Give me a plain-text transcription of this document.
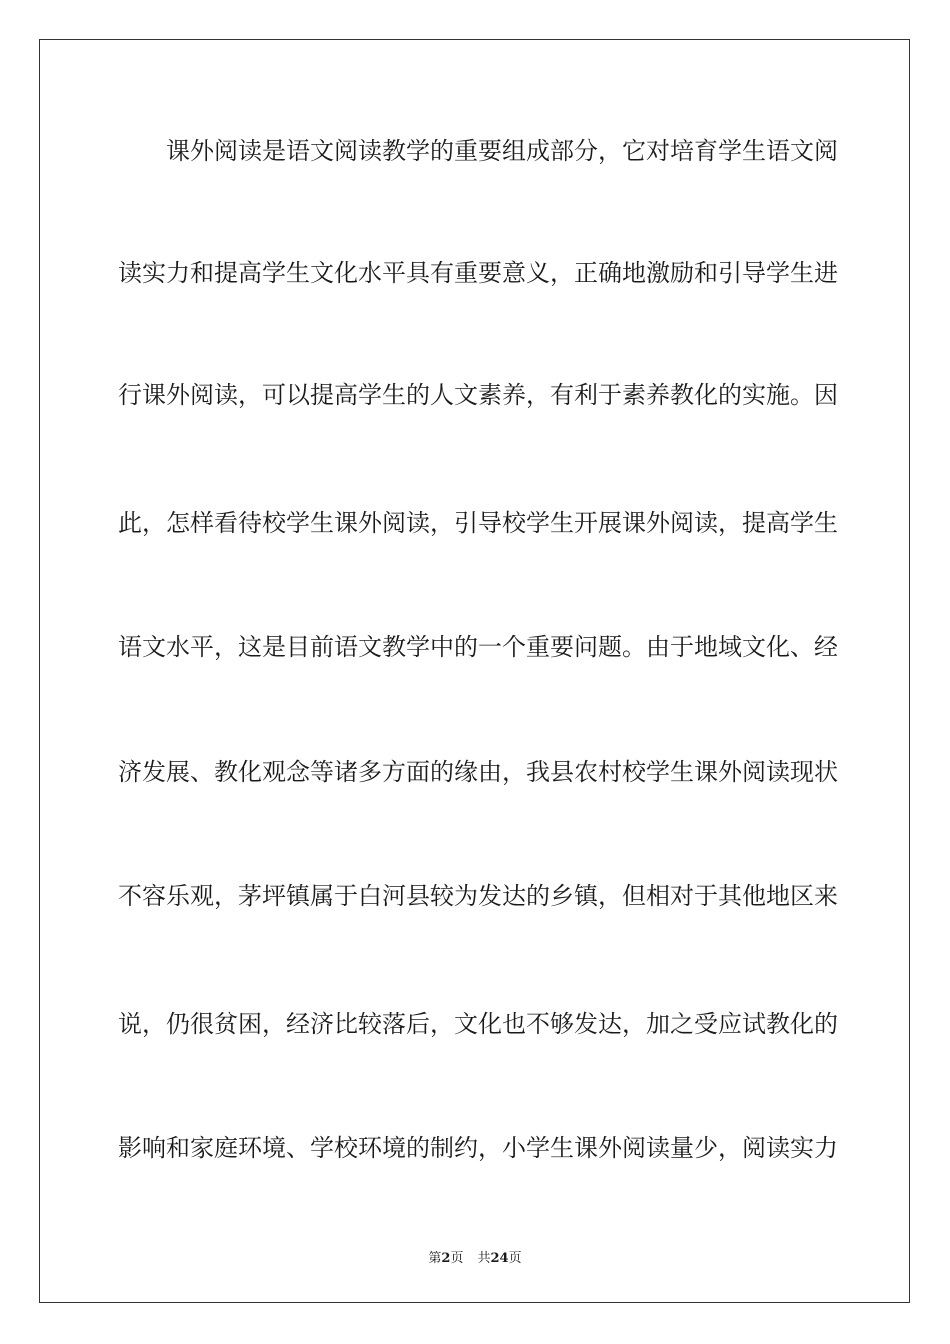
课外阅读是语文阅读教学的重要组成部分，它对培育学生语文阅
读实力和提高学生文化水平具有重要意义，正确地激励和引导学生进
行课外阅读，可以提高学生的人文素养，有利于素养教化的实施。因
此，怎样看待校学生课外阅读，引导校学生开展课外阅读，提高学生
语文水平，这是目前语文教学中的一个重要问题。由于地域文化、经
济发展、教化观念等诸多方面的缘由，我县农村校学生课外阅读现状
不容乐观，茅坪镇属于白河县较为发达的乡镇，但相对于其他地区来
说，仍很贫困，经济比较落后，文化也不够发达，加之受应试教化的
影响和家庭环境、学校环境的制约，小学生课外阅读量少，阅读实力
第2页 共24页
